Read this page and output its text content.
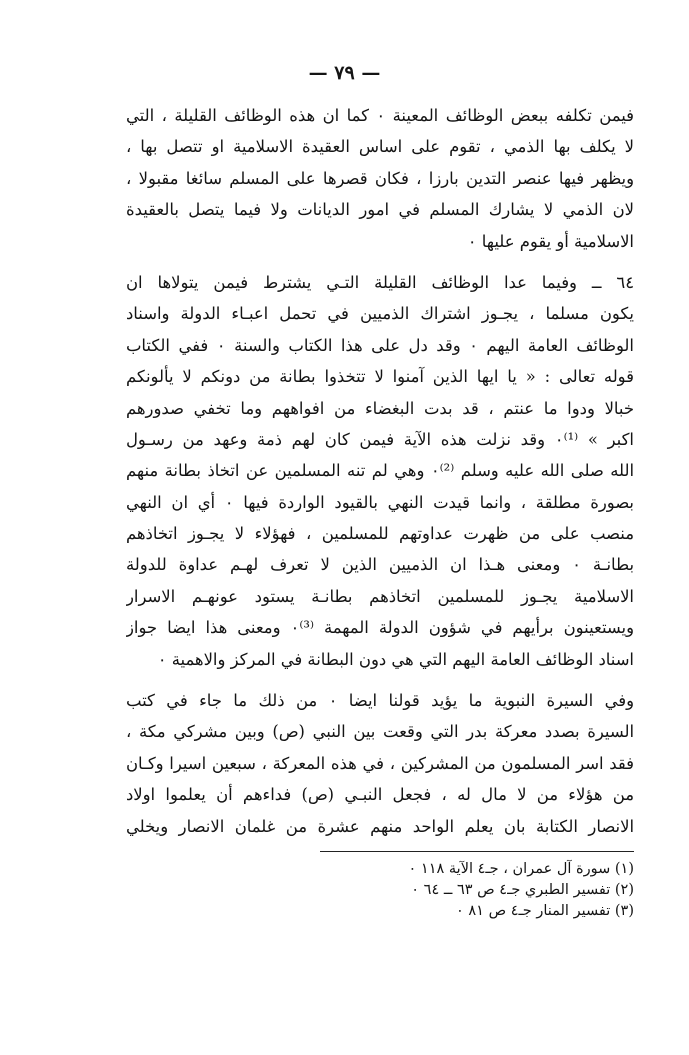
— ٧٩ —
فيمن تكلفه ببعض الوظائف المعينة ٠ كما ان هذه الوظائف القليلة ، التي
لا يكلف بها الذمي ، تقوم على اساس العقيدة الاسلامية او تتصل بها ،
ويظهر فيها عنصر التدين بارزا ، فكان قصرها على المسلم سائغا مقبولا ،
لان الذمي لا يشارك المسلم في امور الديانات ولا فيما يتصل بالعقيدة
الاسلامية أو يقوم عليها ٠
٦٤ ــ وفيما عدا الوظائف القليلة التـي يشترط فيمن يتولاها ان
يكون مسلما ، يجـوز اشتراك الذميين في تحمل اعبـاء الدولة واسناد
الوظائف العامة اليهم ٠ وقد دل على هذا الكتاب والسنة ٠ ففي الكتاب
قوله تعالى : « يا ايها الذين آمنوا لا تتخذوا بطانة من دونكم لا يألونكم
خبالا ودوا ما عنتم ، قد بدت البغضاء من افواههم وما تخفي صدورهم
اكبر » ⁽¹⁾٠ وقد نزلت هذه الآية فيمن كان لهم ذمة وعهد من رسـول
الله صلى الله عليه وسلم ⁽²⁾٠ وهي لم تنه المسلمين عن اتخاذ بطانة منهم
بصورة مطلقة ، وانما قيدت النهي بالقيود الواردة فيها ٠ أي ان النهي
منصب على من ظهرت عداوتهم للمسلمين ، فهؤلاء لا يجـوز اتخاذهم
بطانـة ٠ ومعنى هـذا ان الذميين الذين لا تعرف لهـم عداوة للدولة
الاسلامية يجـوز للمسلمين اتخاذهم بطانـة يستود عونهـم الاسرار
ويستعينون برأيهم في شؤون الدولة المهمة ⁽³⁾٠ ومعنى هذا ايضا جواز
اسناد الوظائف العامة اليهم التي هي دون البطانة في المركز والاهمية ٠
وفي السيرة النبوية ما يؤيد قولنا ايضا ٠ من ذلك ما جاء في كتب
السيرة بصدد معركة بدر التي وقعت بين النبي (ص) وبين مشركي مكة ،
فقد اسر المسلمون من المشركين ، في هذه المعركة ، سبعين اسيرا وكـان
من هؤلاء من لا مال له ، فجعل النبـي (ص) فداءهم أن يعلموا اولاد
الانصار الكتابة بان يعلم الواحد منهم عشرة من غلمان الانصار ويخلي
(١) سورة آل عمران ، جـ٤ الآية ١١٨ ٠
(٢) تفسير الطبري جـ٤ ص ٦٣ ــ ٦٤ ٠
(٣) تفسير المنار جـ٤ ص ٨١ ٠
